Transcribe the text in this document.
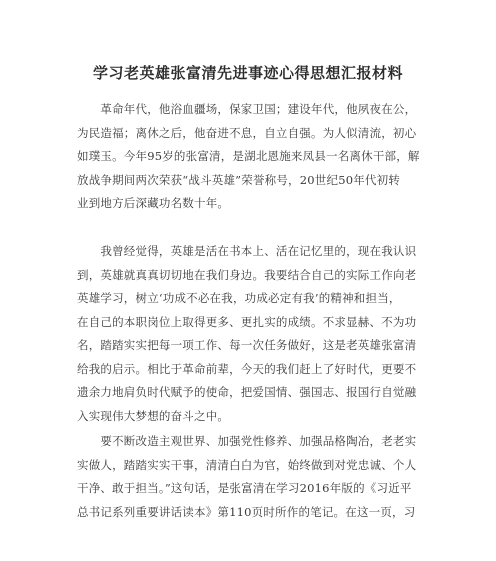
学习老英雄张富清先进事迹心得思想汇报材料
　　革命年代，他浴血疆场，保家卫国；建设年代，他夙夜在公，
为民造福；离休之后，他奋进不息，自立自强。为人似清流，初心
如璞玉。今年95岁的张富清，是湖北恩施来凤县一名离休干部，解
放战争期间两次荣获“战斗英雄”荣誉称号，20世纪50年代初转
业到地方后深藏功名数十年。
　　我曾经觉得，英雄是活在书本上、活在记忆里的，现在我认识
到，英雄就真真切切地在我们身边。我要结合自己的实际工作向老
英雄学习，树立‘功成不必在我，功成必定有我’的精神和担当，
在自己的本职岗位上取得更多、更扎实的成绩。不求显赫、不为功
名，踏踏实实把每一项工作、每一次任务做好，这是老英雄张富清
给我的启示。相比于革命前辈，今天的我们赶上了好时代，更要不
遗余力地肩负时代赋予的使命，把爱国情、强国志、报国行自觉融
入实现伟大梦想的奋斗之中。
　　要不断改造主观世界、加强党性修养、加强品格陶冶，老老实
实做人，踏踏实实干事，清清白白为官，始终做到对党忠诚、个人
干净、敢于担当。”这句话，是张富清在学习2016年版的《习近平
总书记系列重要讲话读本》第110页时所作的笔记。在这一页，习
